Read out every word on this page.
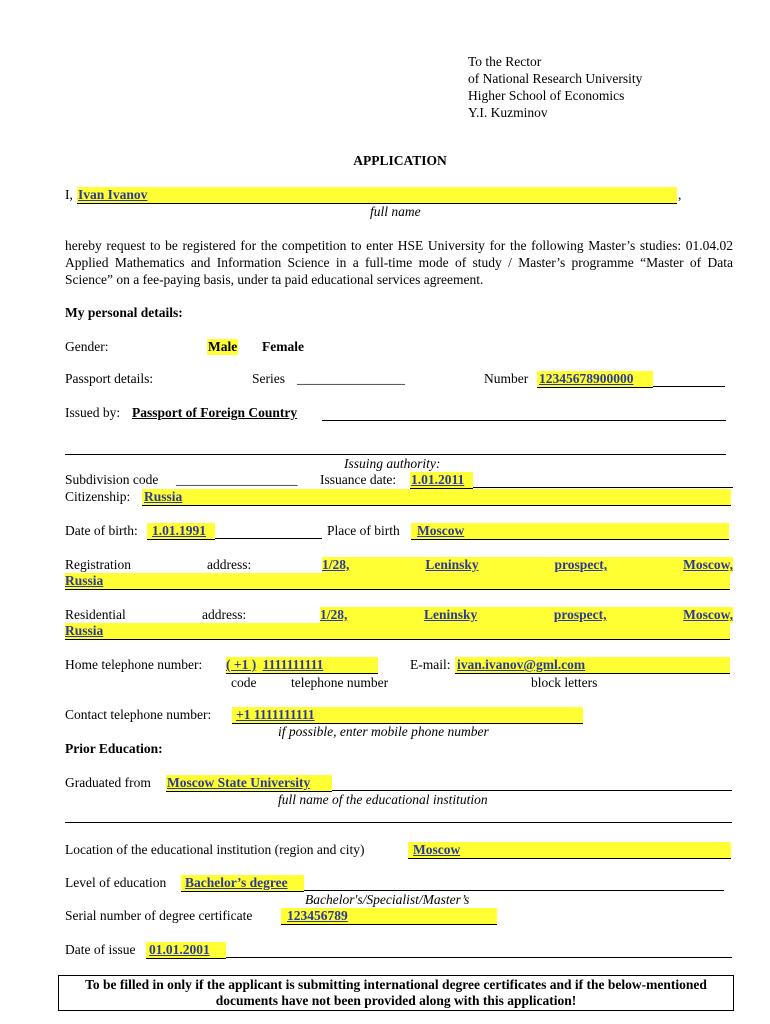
To the Rector
of National Research University
Higher School of Economics
Y.I. Kuzminov
APPLICATION
I, Ivan Ivanov	,
full name
hereby request to be registered for the competition to enter HSE University for the following Master’s studies: 01.04.02 Applied Mathematics and Information Science in a full-time mode of study / Master’s programme “Master of Data Science” on a fee-paying basis, under ta paid educational services agreement.
My personal details:
Gender:	Male Female
Passport details:	Series ________________	Number 12345678900000
Issued by: Passport of Foreign Country
Issuing authority:
Subdivision code __________________ Issuance date: 1.01.2011
Citizenship: Russia
Date of birth:	1.01.1991	Place of birth	Moscow
Registration	address:	1/28,	Leninsky	prospect,	Moscow,
Russia
Residential	address:	1/28,	Leninsky	prospect,	Moscow,
Russia
Home telephone number: ( +1 ) 1111111111	E-mail: ivan.ivanov@gml.com
code	telephone number	block letters
Contact telephone number: +1 1111111111
if possible, enter mobile phone number
Prior Education:
Graduated from Moscow State University
full name of the educational institution
Location of the educational institution (region and city)	Moscow
Level of education Bachelor’s degree
Bachelor's/Specialist/Master’s
Serial number of degree certificate	123456789
Date of issue 01.01.2001
To be filled in only if the applicant is submitting international degree certificates and if the below-mentioned documents have not been provided along with this application!
